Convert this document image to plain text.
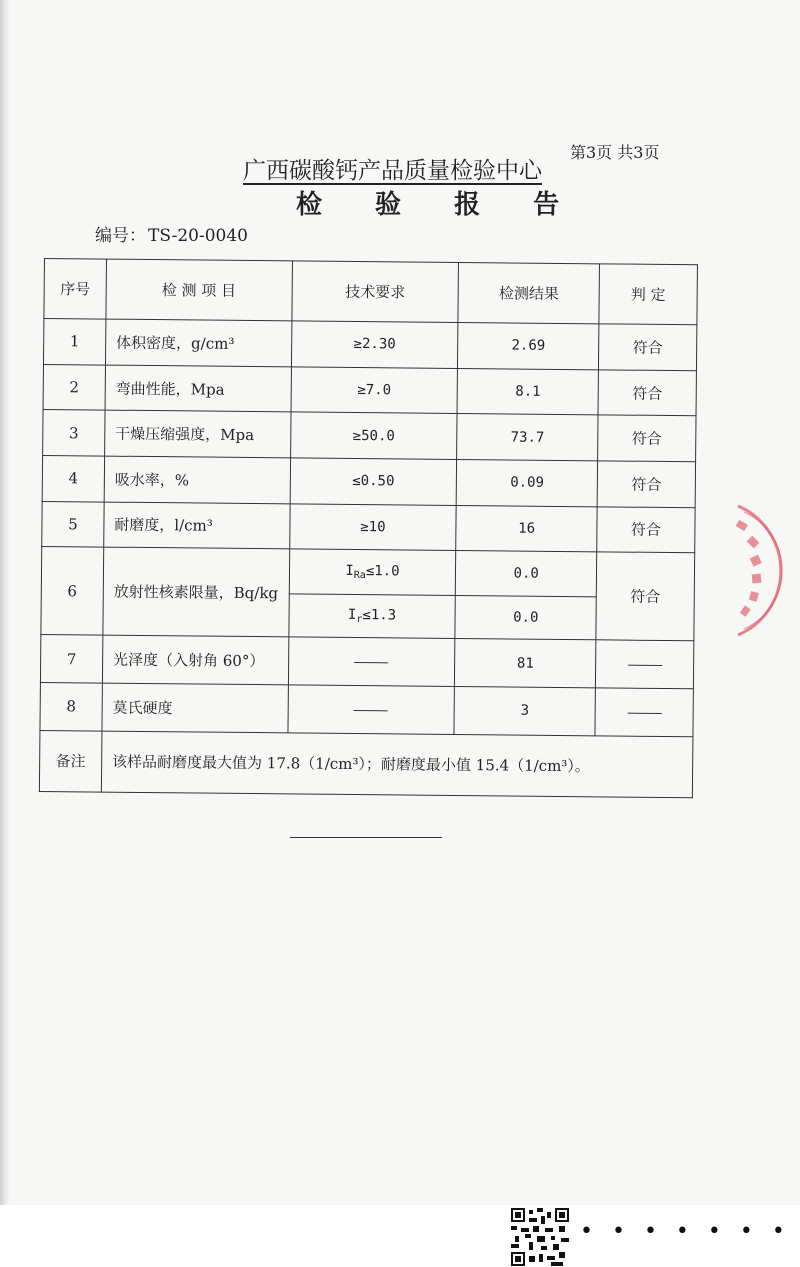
第3页 共3页
广西碳酸钙产品质量检验中心
检 验 报 告
编号： TS-20-0040
序号	检 测 项 目	技术要求	检测结果	判 定
1	体积密度，g/cm³	≥2.30	2.69	符合
2	弯曲性能，Mpa	≥7.0	8.1	符合
3	干燥压缩强度，Mpa	≥50.0	73.7	符合
4	吸水率，%	≤0.50	0.09	符合
5	耐磨度，l/cm³	≥10	16	符合
6	放射性核素限量，Bq/kg	$I_{Ra}\le 1.0$	0.0	符合
		$I_r\le 1.3$	0.0	
7	光泽度（入射角 60°）		81	
8	莫氏硬度		3	
备注	该样品耐磨度最大值为 17.8（1/cm³）；耐磨度最小值 15.4（1/cm³）。			
• • • • • • •
